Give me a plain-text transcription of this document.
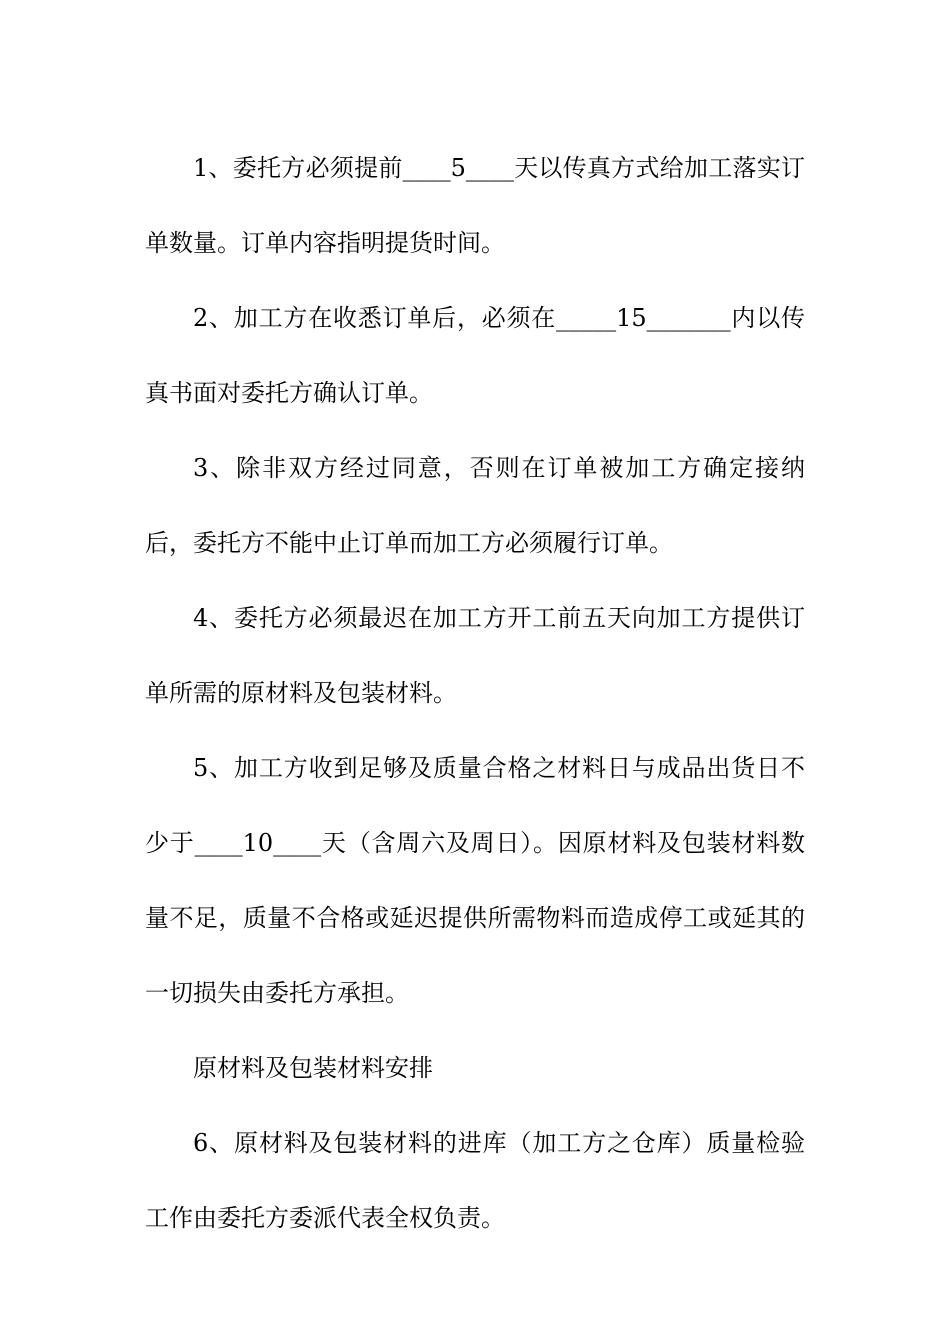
1、委托方必须提前____5____天以传真方式给加工落实订单数量。订单内容指明提货时间。

2、加工方在收悉订单后，必须在_____15_______内以传真书面对委托方确认订单。

3、除非双方经过同意，否则在订单被加工方确定接纳后，委托方不能中止订单而加工方必须履行订单。

4、委托方必须最迟在加工方开工前五天向加工方提供订单所需的原材料及包装材料。

5、加工方收到足够及质量合格之材料日与成品出货日不少于____10____天（含周六及周日）。因原材料及包装材料数量不足，质量不合格或延迟提供所需物料而造成停工或延其的一切损失由委托方承担。

原材料及包装材料安排

6、原材料及包装材料的进库（加工方之仓库）质量检验工作由委托方委派代表全权负责。
